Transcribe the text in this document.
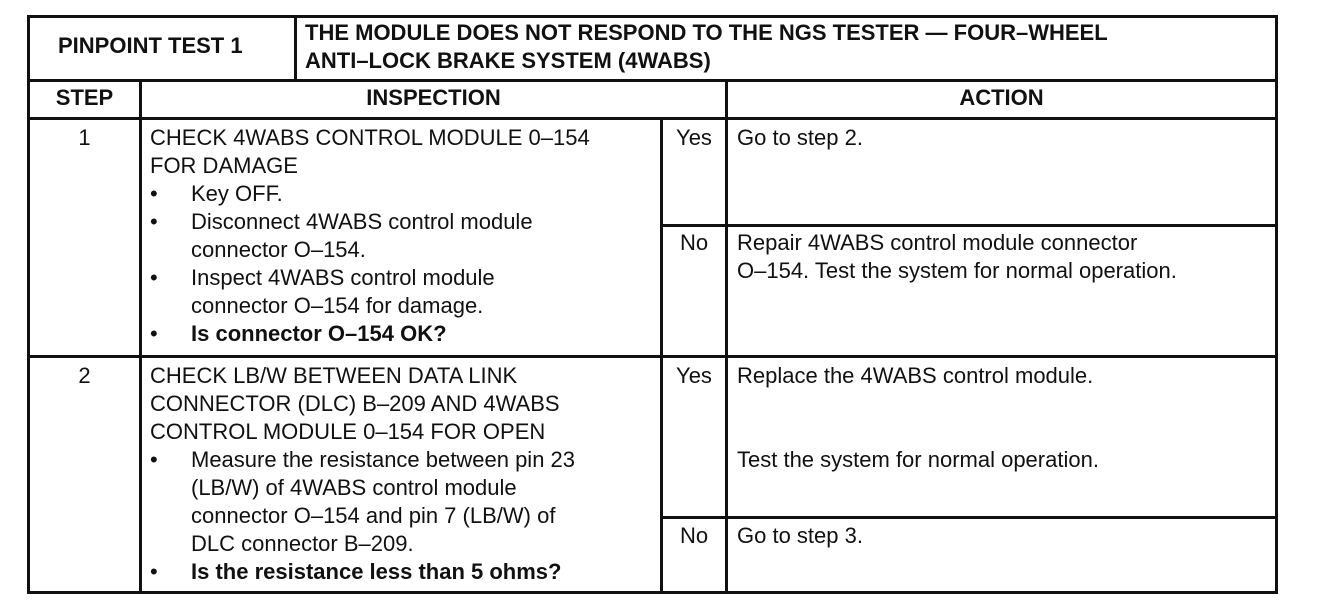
PINPOINT TEST 1
THE MODULE DOES NOT RESPOND TO THE NGS TESTER — FOUR–WHEEL
ANTI–LOCK BRAKE SYSTEM (4WABS)
STEP	INSPECTION	ACTION
1	CHECK 4WABS CONTROL MODULE 0–154
FOR DAMAGE
• Key OFF.
• Disconnect 4WABS control module
connector O–154.
• Inspect 4WABS control module
connector O–154 for damage.
• Is connector O–154 OK?
Yes	Go to step 2.
No	Repair 4WABS control module connector
O–154. Test the system for normal operation.
2	CHECK LB/W BETWEEN DATA LINK
CONNECTOR (DLC) B–209 AND 4WABS
CONTROL MODULE 0–154 FOR OPEN
• Measure the resistance between pin 23
(LB/W) of 4WABS control module
connector O–154 and pin 7 (LB/W) of
DLC connector B–209.
• Is the resistance less than 5 ohms?
Yes	Replace the 4WABS control module.
Test the system for normal operation.
No	Go to step 3.
